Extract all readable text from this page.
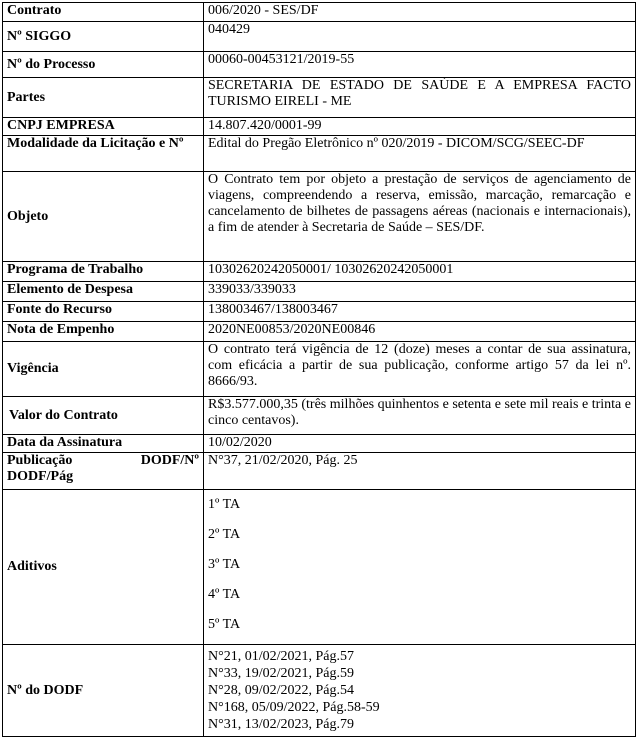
Contrato	006/2020 - SES/DF
Nº SIGGO	040429
Nº do Processo	00060-00453121/2019-55
Partes	SECRETARIA DE ESTADO DE SAÚDE E A EMPRESA FACTO TURISMO EIRELI - ME
CNPJ EMPRESA	14.807.420/0001-99
Modalidade da Licitação e Nº	Edital do Pregão Eletrônico nº 020/2019 - DICOM/SCG/SEEC-DF
Objeto	O Contrato tem por objeto a prestação de serviços de agenciamento de viagens, compreendendo a reserva, emissão, marcação, remarcação e cancelamento de bilhetes de passagens aéreas (nacionais e internacionais), a fim de atender à Secretaria de Saúde – SES/DF.
Programa de Trabalho	10302620242050001/ 10302620242050001
Elemento de Despesa	339033/339033
Fonte do Recurso	138003467/138003467
Nota de Empenho	2020NE00853/2020NE00846
Vigência	O contrato terá vigência de 12 (doze) meses a contar de sua assinatura, com eficácia a partir de sua publicação, conforme artigo 57 da lei nº. 8666/93.
Valor do Contrato	R$3.577.000,35 (três milhões quinhentos e setenta e sete mil reais e trinta e cinco centavos).
Data da Assinatura	10/02/2020
Publicação DODF/Nº DODF/Pág	N°37, 21/02/2020, Pág. 25
Aditivos	1º TA
2º TA
3º TA
4º TA
5º TA

Nº do DODF	N°21, 01/02/2021, Pág.57
N°33, 19/02/2021, Pág.59
N°28, 09/02/2022, Pág.54
N°168, 05/09/2022, Pág.58-59
N°31, 13/02/2023, Pág.79
